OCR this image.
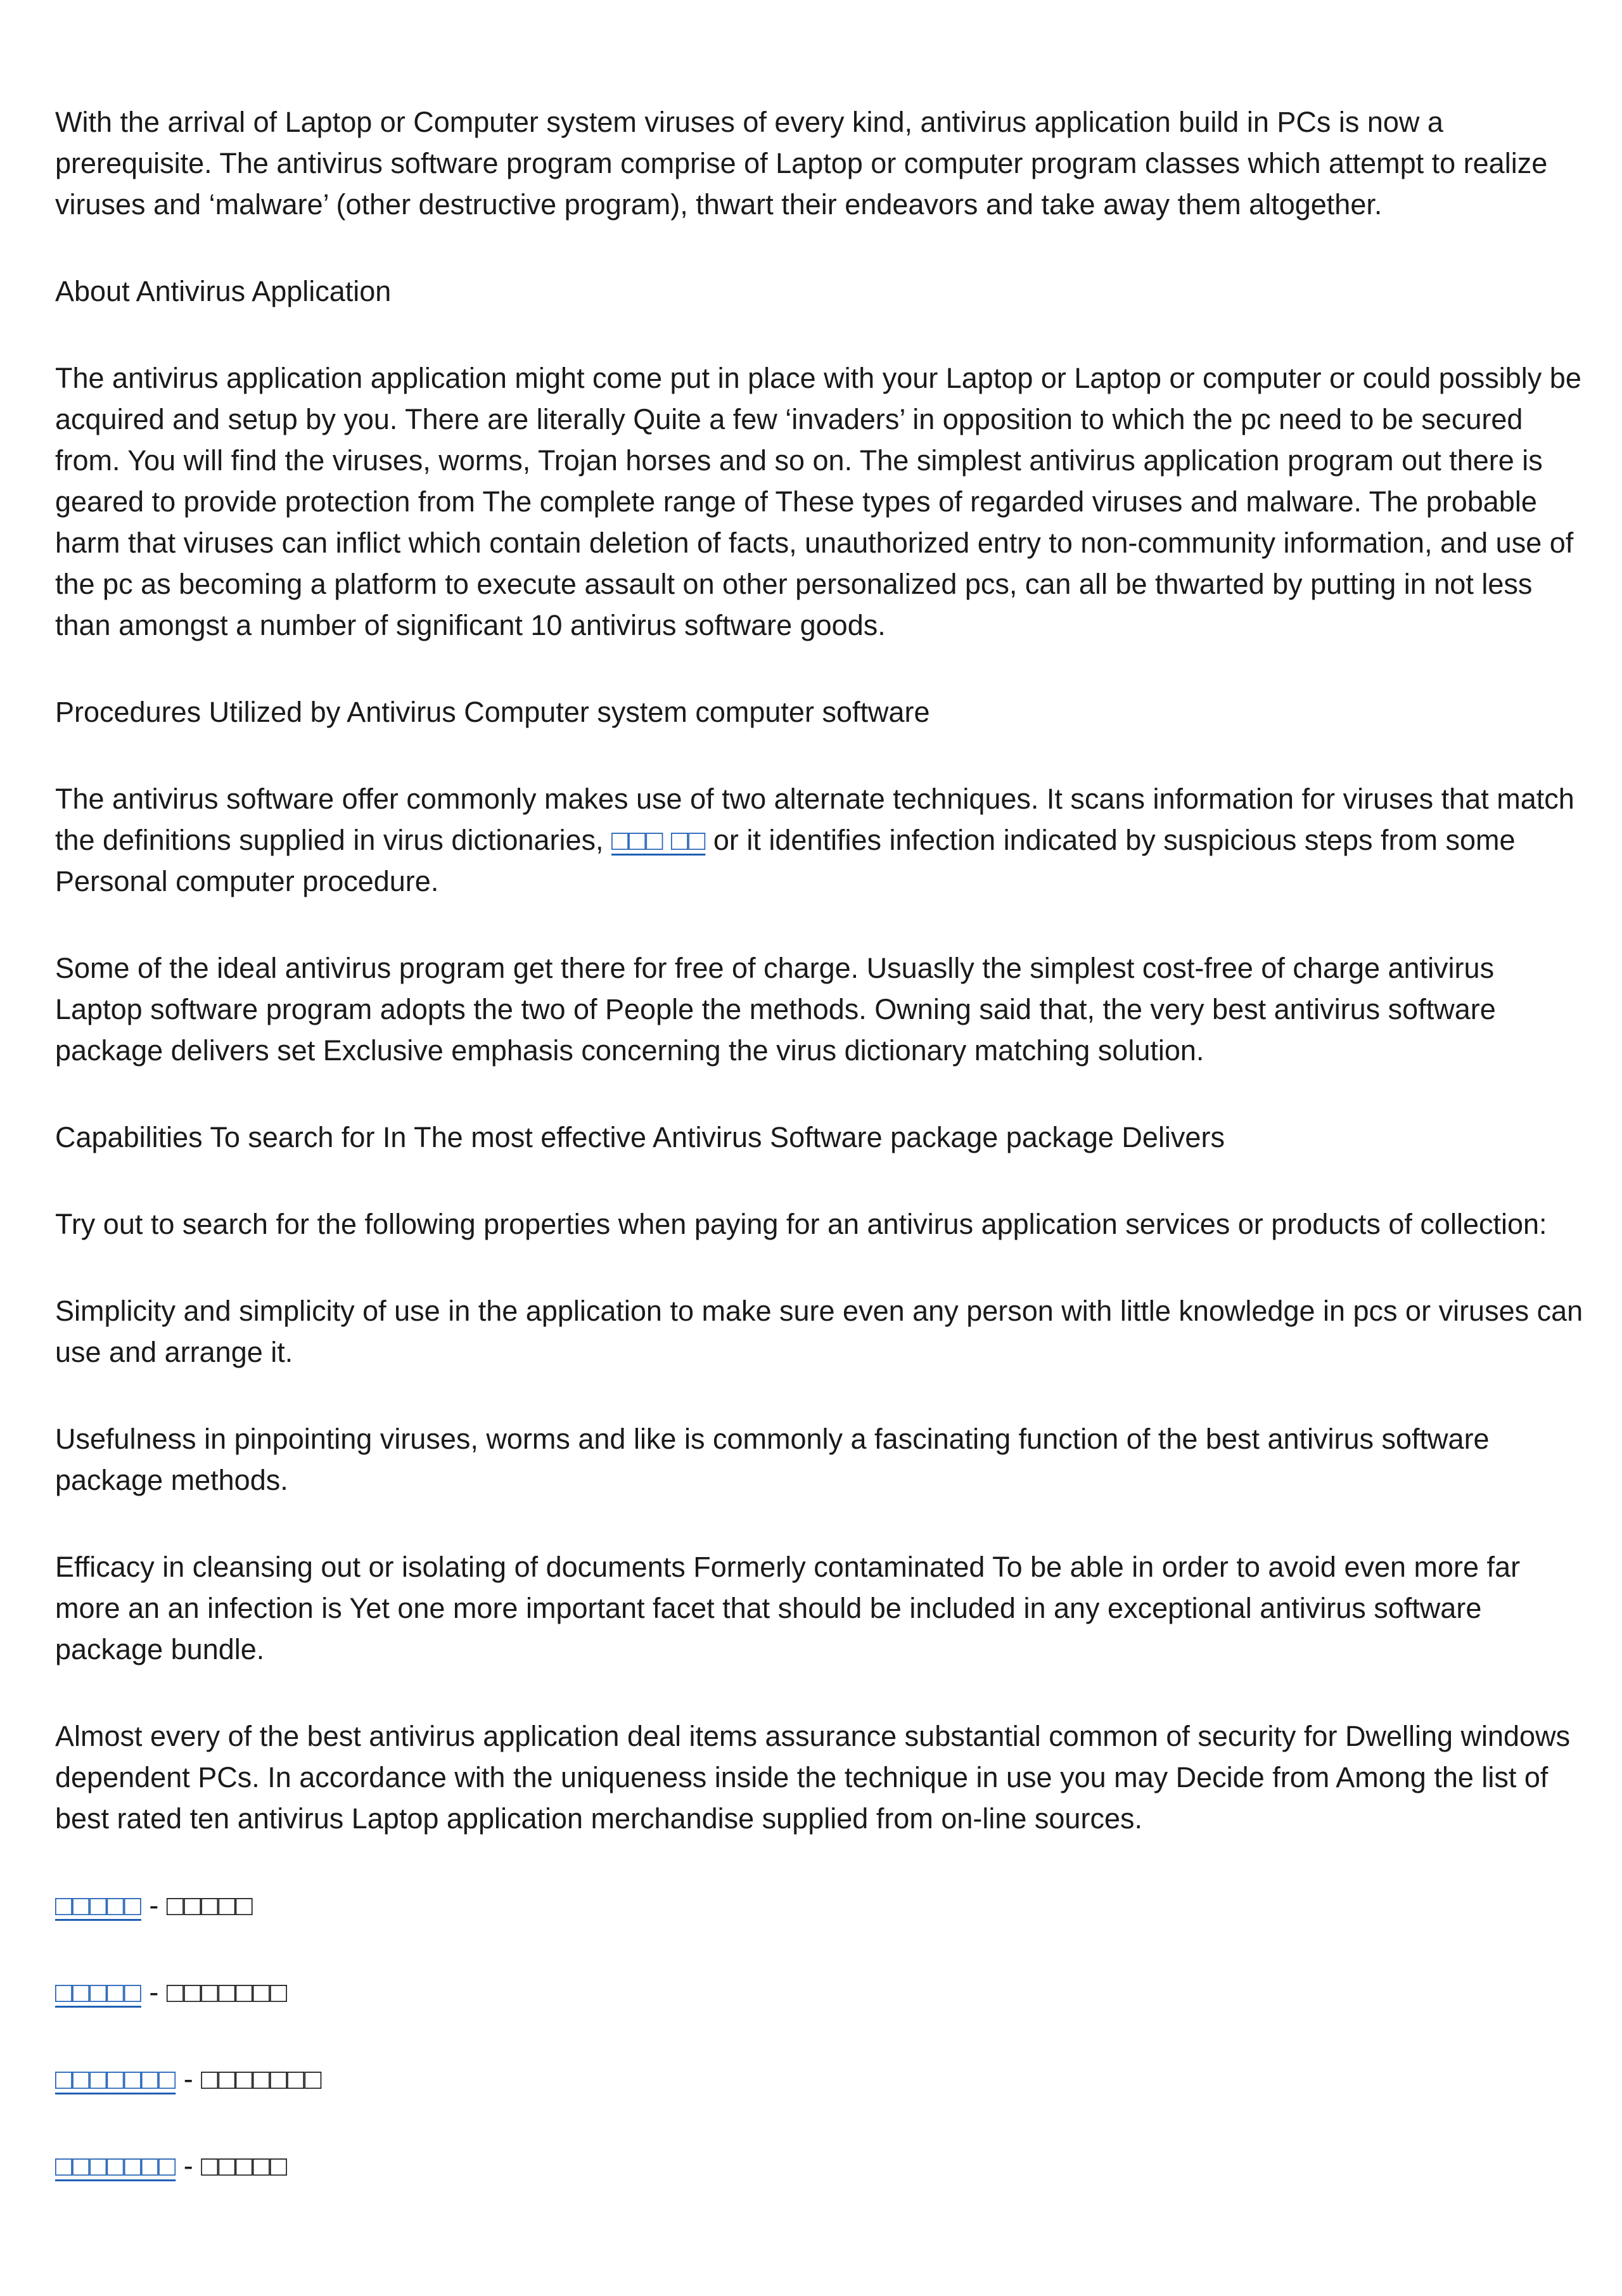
With the arrival of Laptop or Computer system viruses of every kind, antivirus application build in PCs is now a prerequisite. The antivirus software program comprise of Laptop or computer program classes which attempt to realize viruses and ‘malware’ (other destructive program), thwart their endeavors and take away them altogether.

About Antivirus Application

The antivirus application application might come put in place with your Laptop or Laptop or computer or could possibly be acquired and setup by you. There are literally Quite a few ‘invaders’ in opposition to which the pc need to be secured from. You will find the viruses, worms, Trojan horses and so on. The simplest antivirus application program out there is geared to provide protection from The complete range of These types of regarded viruses and malware. The probable harm that viruses can inflict which contain deletion of facts, unauthorized entry to non-community information, and use of the pc as becoming a platform to execute assault on other personalized pcs, can all be thwarted by putting in not less than amongst a number of significant 10 antivirus software goods.

Procedures Utilized by Antivirus Computer system computer software

The antivirus software offer commonly makes use of two alternate techniques. It scans information for viruses that match the definitions supplied in virus dictionaries, □□□ □□ or it identifies infection indicated by suspicious steps from some Personal computer procedure.

Some of the ideal antivirus program get there for free of charge. Usuaslly the simplest cost-free of charge antivirus Laptop software program adopts the two of People the methods. Owning said that, the very best antivirus software package delivers set Exclusive emphasis concerning the virus dictionary matching solution.

Capabilities To search for In The most effective Antivirus Software package package Delivers

Try out to search for the following properties when paying for an antivirus application services or products of collection:

Simplicity and simplicity of use in the application to make sure even any person with little knowledge in pcs or viruses can use and arrange it.

Usefulness in pinpointing viruses, worms and like is commonly a fascinating function of the best antivirus software package methods.

Efficacy in cleansing out or isolating of documents Formerly contaminated To be able in order to avoid even more far more an an infection is Yet one more important facet that should be included in any exceptional antivirus software package bundle.

Almost every of the best antivirus application deal items assurance substantial common of security for Dwelling windows dependent PCs. In accordance with the uniqueness inside the technique in use you may Decide from Among the list of best rated ten antivirus Laptop application merchandise supplied from on-line sources.

□□□□□ - □□□□□
□□□□□ - □□□□□□□
□□□□□□□ - □□□□□□□
□□□□□□□ - □□□□□
